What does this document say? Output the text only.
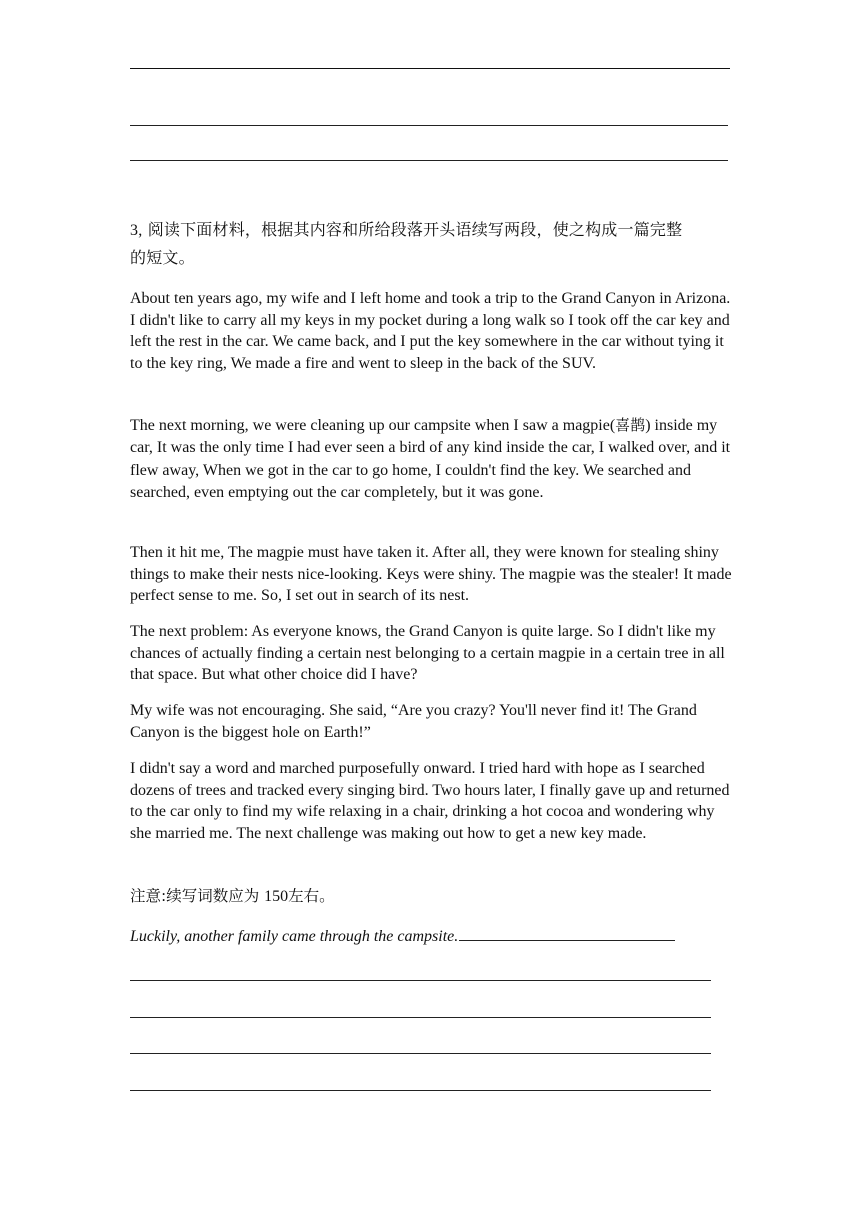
3, 阅读下面材料，根据其内容和所给段落开头语续写两段，使之构成一篇完整
的短文。
About ten years ago, my wife and I left home and took a trip to the Grand Canyon in Arizona. I didn't like to carry all my keys in my pocket during a long walk so I took off the car key and left the rest in the car. We came back, and I put the key somewhere in the car without tying it to the key ring, We made a fire and went to sleep in the back of the SUV.
The next morning, we were cleaning up our campsite when I saw a magpie(喜鹊) inside my car, It was the only time I had ever seen a bird of any kind inside the car, I walked over, and it flew away, When we got in the car to go home, I couldn't find the key. We searched and searched, even emptying out the car completely, but it was gone.
Then it hit me, The magpie must have taken it. After all, they were known for stealing shiny things to make their nests nice-looking. Keys were shiny. The magpie was the stealer! It made perfect sense to me. So, I set out in search of its nest.
The next problem: As everyone knows, the Grand Canyon is quite large. So I didn't like my chances of actually finding a certain nest belonging to a certain magpie in a certain tree in all that space. But what other choice did I have?
My wife was not encouraging. She said, “Are you crazy? You'll never find it! The Grand Canyon is the biggest hole on Earth!”
I didn't say a word and marched purposefully onward. I tried hard with hope as I searched dozens of trees and tracked every singing bird. Two hours later, I finally gave up and returned to the car only to find my wife relaxing in a chair, drinking a hot cocoa and wondering why she married me. The next challenge was making out how to get a new key made.
注意:续写词数应为 150左右。
Luckily, another family came through the campsite.
